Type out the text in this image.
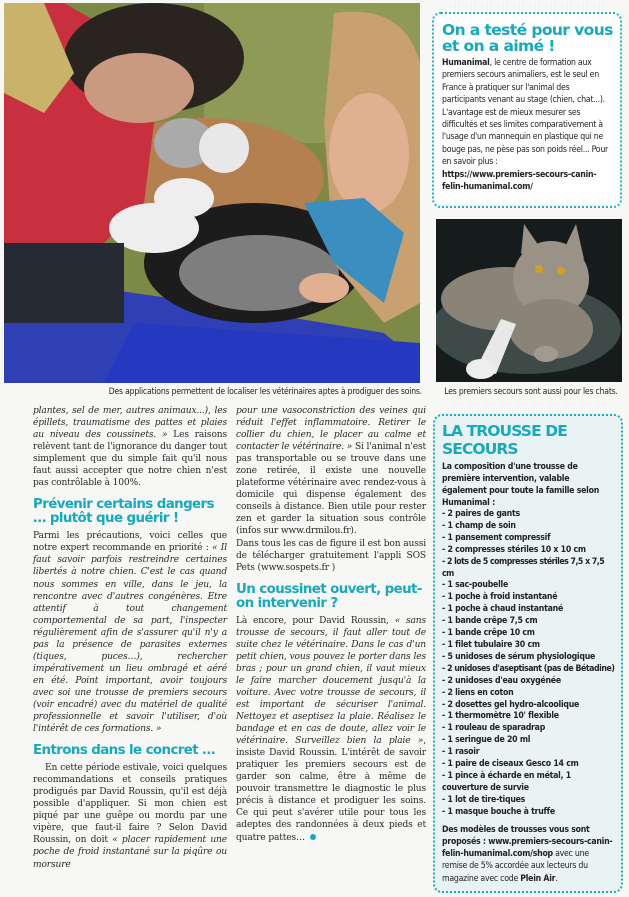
Des applications permettent de localiser les vétérinaires aptes à prodiguer des soins.
On a testé pour vous
et on a aimé !
Humanimal, le centre de formation aux premiers secours animaliers, est le seul en France à pratiquer sur l'animal des participants venant au stage (chien, chat...). L'avantage est de mieux mesurer ses difficultés et ses limites comparativement à l'usage d'un mannequin en plastique qui ne bouge pas, ne pèse pas son poids réel... Pour en savoir plus :
https://www.premiers-secours-canin-felin-humanimal.com/
Les premiers secours sont aussi pour les chats.

plantes, sel de mer, autres animaux...), les épillets, traumatisme des pattes et plaies au niveau des coussinets. » Les raisons relèvent tant de l'ignorance du danger tout simplement que du simple fait qu'il nous faut aussi accepter que notre chien n'est pas contrôlable à 100%.

Prévenir certains dangers … plutôt que guérir !

Parmi les précautions, voici celles que notre expert recommande en priorité : « Il faut savoir parfois restreindre certaines libertés à notre chien. C'est le cas quand nous sommes en ville, dans le jeu, la rencontre avec d'autres congénères. Etre attentif à tout changement comportemental de sa part, l'inspecter régulièrement afin de s'assurer qu'il n'y a pas la présence de parasites externes (tiques, puces…), rechercher impérativement un lieu ombragé et aéré en été. Point important, avoir toujours avec soi une trousse de premiers secours (voir encadré) avec du matériel de qualité professionnelle et savoir l'utiliser, d'où l'intérêt de ces formations. »

Entrons dans le concret …

En cette période estivale, voici quelques recommandations et conseils pratiques prodigués par David Roussin, qu'il est déjà possible d'appliquer. Si mon chien est piqué par une guêpe ou mordu par une vipère, que faut-il faire ? Selon David Roussin, on doit « placer rapidement une poche de froid instantané sur la piqûre ou morsure

pour une vasoconstriction des veines qui réduit l'effet inflammatoire. Retirer le collier du chien, le placer au calme et contacter le vétérinaire. » Si l'animal n'est pas transportable ou se trouve dans une zone retirée, il existe une nouvelle plateforme vétérinaire avec rendez-vous à domicile qui dispense également des conseils à distance. Bien utile pour rester zen et garder la situation sous contrôle (infos sur www.drmilou.fr).

Dans tous les cas de figure il est bon aussi de télécharger gratuitement l'appli SOS Pets (www.sospets.fr )

Un coussinet ouvert, peut-on intervenir ?

Là encore, pour David Roussin, « sans trousse de secours, il faut aller tout de suite chez le vétérinaire. Dans le cas d'un petit chien, vous pouvez le porter dans les bras ; pour un grand chien, il vaut mieux le faire marcher doucement jusqu'à la voiture. Avec votre trousse de secours, il est important de sécuriser l'animal. Nettoyez et aseptisez la plaie. Réalisez le bandage et en cas de doute, allez voir le vétérinaire. Surveillez bien la plaie », insiste David Roussin. L'intérêt de savoir pratiquer les premiers secours est de garder son calme, être à même de pouvoir transmettre le diagnostic le plus précis à distance et prodiguer les soins. Ce qui peut s'avérer utile pour tous les adeptes des randonnées à deux pieds et quatre pattes…

LA TROUSSE DE SECOURS
La composition d'une trousse de première intervention, valable également pour toute la famille selon Humanimal :
- 2 paires de gants
- 1 champ de soin
- 1 pansement compressif
- 2 compresses stériles 10 x 10 cm
- 2 lots de 5 compresses stériles 7,5 x 7,5 cm
- 1 sac-poubelle
- 1 poche à froid instantané
- 1 poche à chaud instantané
- 1 bande crêpe 7,5 cm
- 1 bande crêpe 10 cm
- 1 filet tubulaire 30 cm
- 5 unidoses de sérum physiologique
- 2 unidoses d'aseptisant (pas de Bétadine)
- 2 unidoses d'eau oxygénée
- 2 liens en coton
- 2 dosettes gel hydro-alcoolique
- 1 thermomètre 10' flexible
- 1 rouleau de sparadrap
- 1 seringue de 20 ml
- 1 rasoir
- 1 paire de ciseaux Gesco 14 cm
- 1 pince à écharde en métal, 1 couverture de survie
- 1 lot de tire-tiques
- 1 masque bouche à truffe
Des modèles de trousses vous sont proposés : www.premiers-secours-canin-felin-humanimal.com/shop avec une remise de 5% accordée aux lecteurs du magazine avec code Plein Air.
